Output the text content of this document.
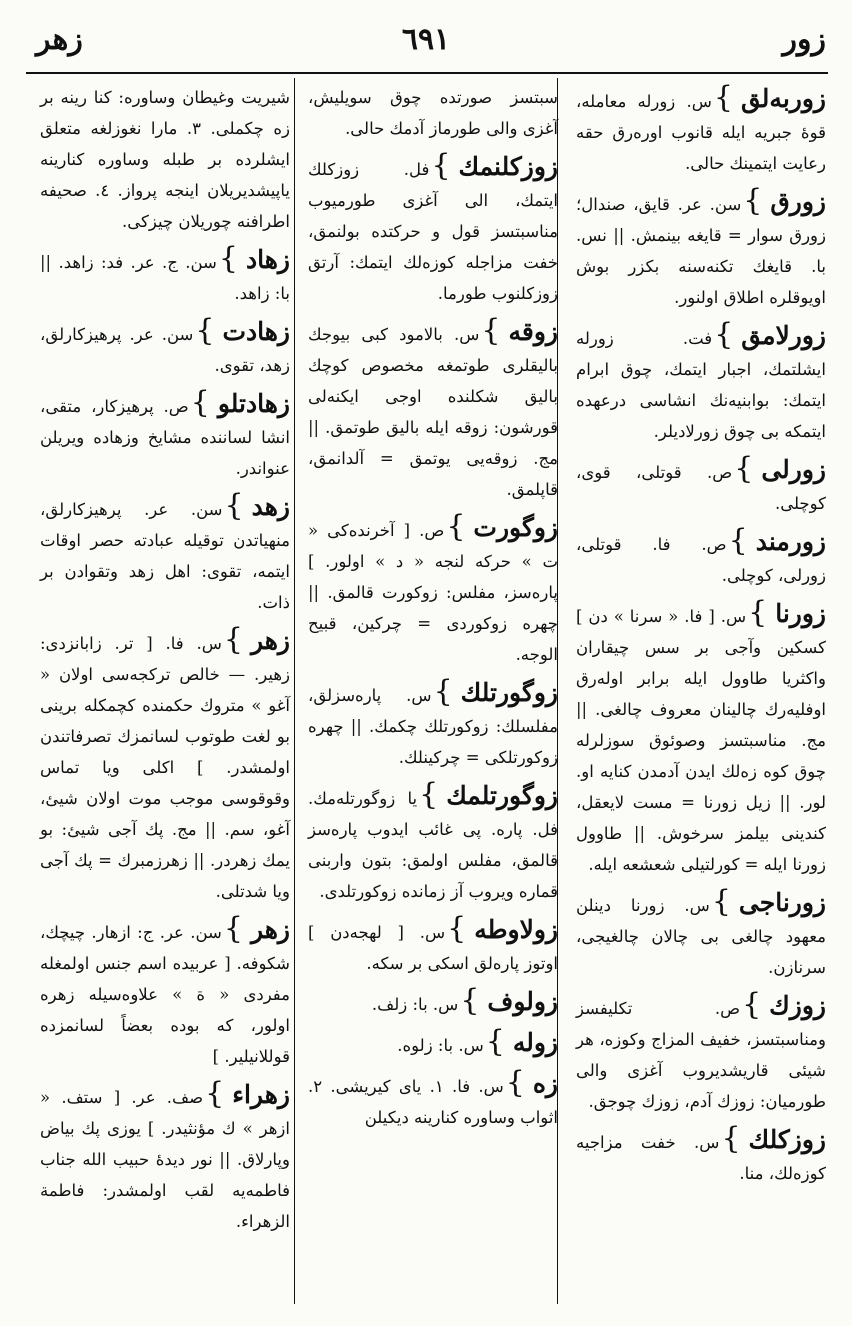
زور
٦٩١
زهر
زوربه‌لق}س. زورله معامله، قوۀ جبریه ایله قانوب اوره‌رق حقه رعایت ایتمینك حالی.
زورق}سن. عر. قایق، صندال؛ زورق سوار = قایغه بینمش. || نس. با. قایغك تکنه‌سنه بکزر بوش اویوقلره اطلاق اولنور.
زورلامق}فت. زورله ایشلتمك، اجبار ایتمك، چوق ابرام ایتمك: بوابنیه‌نك انشاسی درعهده ایتمکه بی چوق زورلادیلر.
زورلی}ص. قوتلی، قوی، کوچلی.
زورمند}ص. فا. قوتلی، زورلی، کوچلی.
زورنا}س. [ فا. « سرنا » دن ] کسکین وآجی بر سس چیقاران واکثریا طاوول ایله برابر اوله‌رق اوفلیه‌رك چالینان معروف چالغی. || مج. مناسبتسز وصوئوق سوزلرله چوق کوه زه‌لك ایدن آدمدن کنایه او. لور. || زیل زورنا = مست لایعقل، کندینی بیلمز سرخوش. || طاوول زورنا ایله = کورلتیلی شعشعه ایله.
زورناجی}س. زورنا دینلن معهود چالغی بی چالان چالغیجی، سرنازن.
زوزك}ص. تکلیفسز ومناسبتسز، خفیف المزاج وکوزه‌، هر شیئی قاریشدیروب آغزی والی طورمیان: زوزك آدم، زوزك چوجق.
زوزکلك}س. خفت مزاجیه کوزه‌لك، منا.
سبتسز صورتده چوق سویلیش، آغزی والی طورماز آدمك حالی.
زوزکلنمك}فل. زوزکلك ایتمك، الی آغزی طورمیوب مناسبتسز قول و حرکتده بولنمق، خفت مزاجله کوزه‌لك ایتمك: آرتق زوزکلنوب طورما.
زوقه}س. بالامود کبی بیوجك بالیقلری طوتمغه مخصوص کوچك بالیق شکلنده اوجی ایکنه‌لی قورشون: زوقه ایله بالیق طوتمق. || مج. زوقه‌یی یوتمق = آلدانمق، قاپلمق.
زوگورت}ص. [ آخرنده‌کی « ت » حرکه لنجه « د » اولور. ] پاره‌سز، مفلس: زوکورت قالمق. || چهره زوکوردی = چرکین، قبیح الوجه.
زوگورتلك}س. پاره‌سزلق، مفلسلك: زوکورتلك چکمك. || چهره زوکورتلکی = چرکینلك.
زوگورتلمك}یا زوگورتله‌مك. فل. پاره. پی غائب ایدوب پاره‌سز قالمق، مفلس اولمق: بتون واربنی قماره ویروب آز زمانده زوکورتلدی.
زولاوطه}س. [ لهجه‌دن ] اوتوز پاره‌لق اسکی بر سکه.
زولوف}س. با: زلف.
زوله}س. با: زلوه.
زه}س. فا. ١. یای کیریشی. ٢. اثواب وساوره کنارینه دیکیلن
شیریت وغیطان وساوره: کنا رینه بر زه چکملی. ٣. مارا نغوزلغه متعلق ایشلرده بر طبله وساوره کنارینه یاپیشدیریلان اینجه پرواز. ٤. صحیفه اطرافنه چوریلان چیزکی.
زهاد}سن. ج. عر. فد: زاهد. || با: زاهد.
زهادت}سن. عر. پرهیزکارلق، زهد، تقوی.
زهادتلو}ص. پرهیزکار، متقی، انشا لساننده مشایخ وزهاده ویریلن عنواندر.
زهد}سن. عر. پرهیزکارلق، منهیاتدن توقیله عبادته حصر اوقات ایتمه، تقوی: اهل زهد وتقوادن بر ذات.
زهر}س. فا. [ تر. زابانزدی: زهیر. — خالص ترکجه‌سی اولان « آغو » متروك حکمنده کچمکله برینی بو لغت طوتوب لسانمزك تصرفاتندن اولمشدر. ] اکلی ویا تماس وقوقوسی موجب موت اولان شیئ، آغو، سم. || مج. پك آجی شیئ: بو یمك زهردر. || زهرزمبرك = پك آجی ویا شدتلی.
زهر}سن. عر. ج: ازهار. چیچك، شکوفه. [ عربیده اسم جنس اولمغله مفردی « ة » علاوه‌سیله زهره اولور، که بوده بعضاً لسانمزده قوللانیلیر. ]
زهراء}صف. عر. [ ستف. « ازهر » ك مؤنثیدر. ] یوزی پك بیاض وپارلاق. || نور دیدۀ حبیب الله جناب فاطمه‌یه لقب اولمشدر: فاطمة الزهراء.
